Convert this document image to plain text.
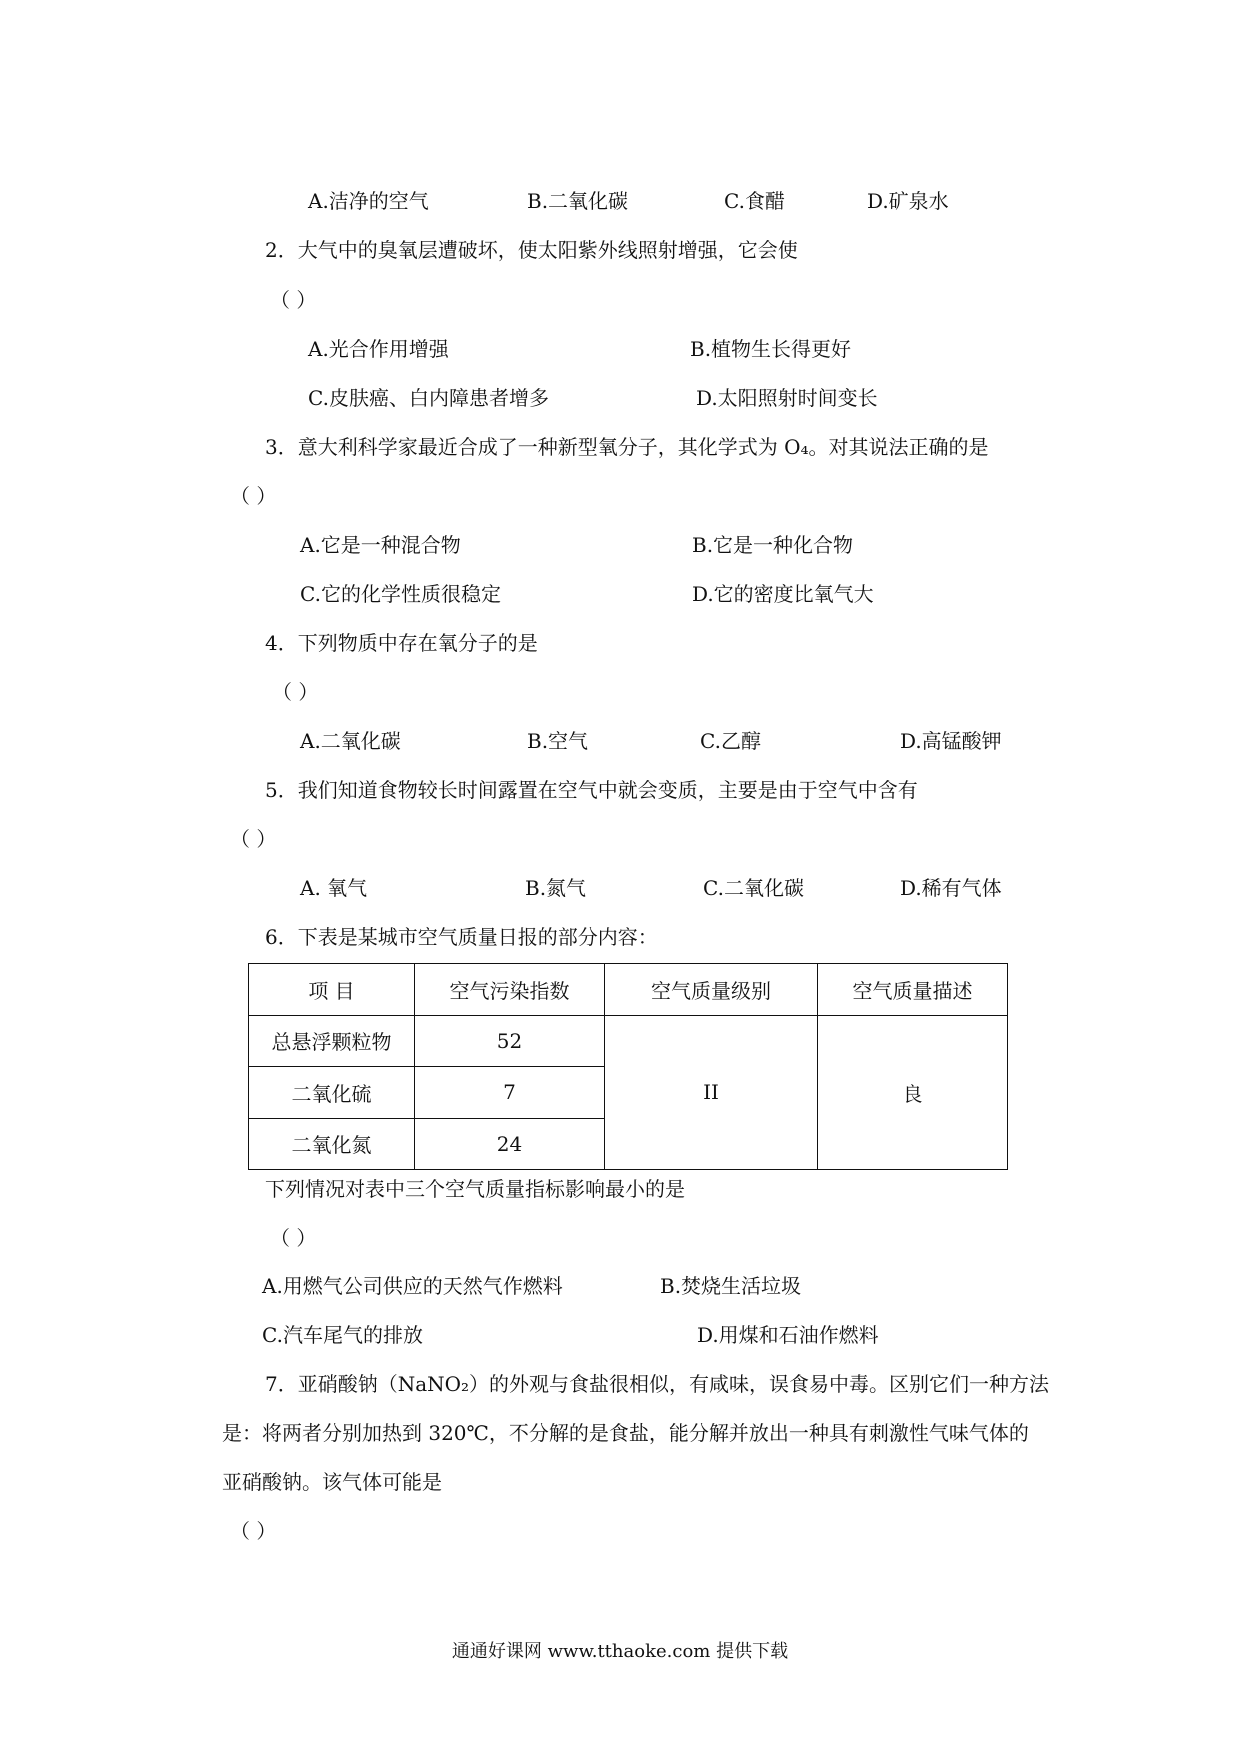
A.洁净的空气	B.二氧化碳	C.食醋	D.矿泉水
2．大气中的臭氧层遭破坏，使太阳紫外线照射增强，它会使
（ ）
A.光合作用增强	B.植物生长得更好
C.皮肤癌、白内障患者增多	D.太阳照射时间变长
3．意大利科学家最近合成了一种新型氧分子，其化学式为 O₄。对其说法正确的是
（ ）
A.它是一种混合物	B.它是一种化合物
C.它的化学性质很稳定	D.它的密度比氧气大
4．下列物质中存在氧分子的是
（ ）
A.二氧化碳	B.空气	C.乙醇	D.高锰酸钾
5．我们知道食物较长时间露置在空气中就会变质，主要是由于空气中含有
（ ）
A. 氧气	B.氮气	C.二氧化碳	D.稀有气体
6．下表是某城市空气质量日报的部分内容：
项 目	空气污染指数	空气质量级别	空气质量描述
总悬浮颗粒物	52	II	良
二氧化硫	7		
二氧化氮	24		
下列情况对表中三个空气质量指标影响最小的是
（ ）
A.用燃气公司供应的天然气作燃料	B.焚烧生活垃圾
C.汽车尾气的排放	D.用煤和石油作燃料
7．亚硝酸钠（NaNO₂）的外观与食盐很相似，有咸味，误食易中毒。区别它们一种方法
是：将两者分别加热到 320℃，不分解的是食盐，能分解并放出一种具有刺激性气味气体的
亚硝酸钠。该气体可能是
（ ）
通通好课网 www.tthaoke.com 提供下载
